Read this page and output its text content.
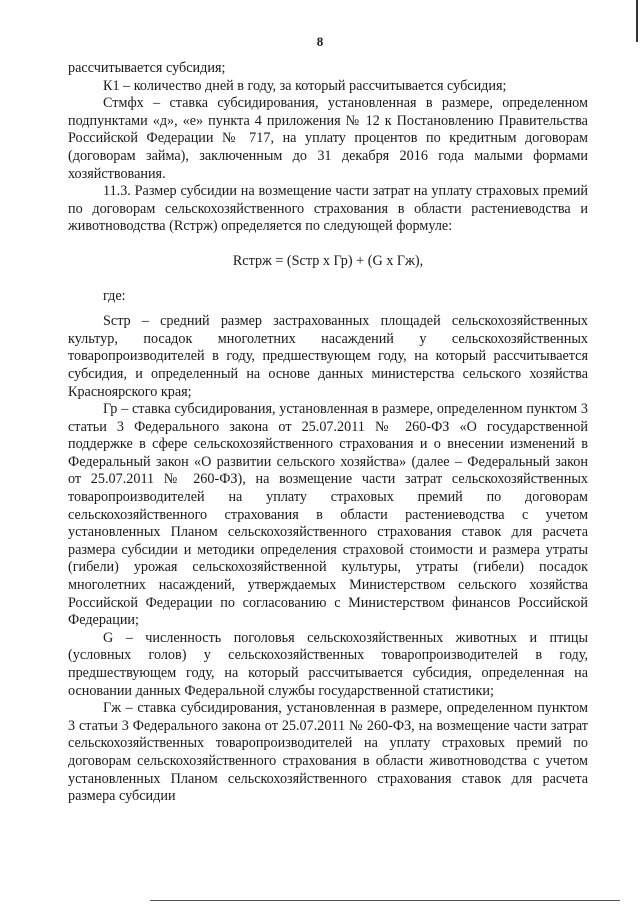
8

рассчитывается субсидия;

К1 – количество дней в году, за который рассчитывается субсидия;

Стмфх – ставка субсидирования, установленная в размере, определенном подпунктами «д», «е» пункта 4 приложения № 12 к Постановлению Правительства Российской Федерации № 717, на уплату процентов по кредитным договорам (договорам займа), заключенным до 31 декабря 2016 года малыми формами хозяйствования.

11.3. Размер субсидии на возмещение части затрат на уплату страховых премий по договорам сельскохозяйственного страхования в области растениеводства и животноводства (Rстрж) определяется по следующей формуле:

Rстрж = (Sстр x Гр) + (G x Гж),

где:

Sстр – средний размер застрахованных площадей сельскохозяйственных культур, посадок многолетних насаждений у сельскохозяйственных товаропроизводителей в году, предшествующем году, на который рассчитывается субсидия, и определенный на основе данных министерства сельского хозяйства Красноярского края;

Гр – ставка субсидирования, установленная в размере, определенном пунктом 3 статьи 3 Федерального закона от 25.07.2011 № 260-ФЗ «О государственной поддержке в сфере сельскохозяйственного страхования и о внесении изменений в Федеральный закон «О развитии сельского хозяйства» (далее – Федеральный закон от 25.07.2011 № 260-ФЗ), на возмещение части затрат сельскохозяйственных товаропроизводителей на уплату страховых премий по договорам сельскохозяйственного страхования в области растениеводства с учетом установленных Планом сельскохозяйственного страхования ставок для расчета размера субсидии и методики определения страховой стоимости и размера утраты (гибели) урожая сельскохозяйственной культуры, утраты (гибели) посадок многолетних насаждений, утверждаемых Министерством сельского хозяйства Российской Федерации по согласованию с Министерством финансов Российской Федерации;

G – численность поголовья сельскохозяйственных животных и птицы (условных голов) у сельскохозяйственных товаропроизводителей в году, предшествующем году, на который рассчитывается субсидия, определенная на основании данных Федеральной службы государственной статистики;

Гж – ставка субсидирования, установленная в размере, определенном пунктом 3 статьи 3 Федерального закона от 25.07.2011 № 260-ФЗ, на возмещение части затрат сельскохозяйственных товаропроизводителей на уплату страховых премий по договорам сельскохозяйственного страхования в области животноводства с учетом установленных Планом сельскохозяйственного страхования ставок для расчета размера субсидии
